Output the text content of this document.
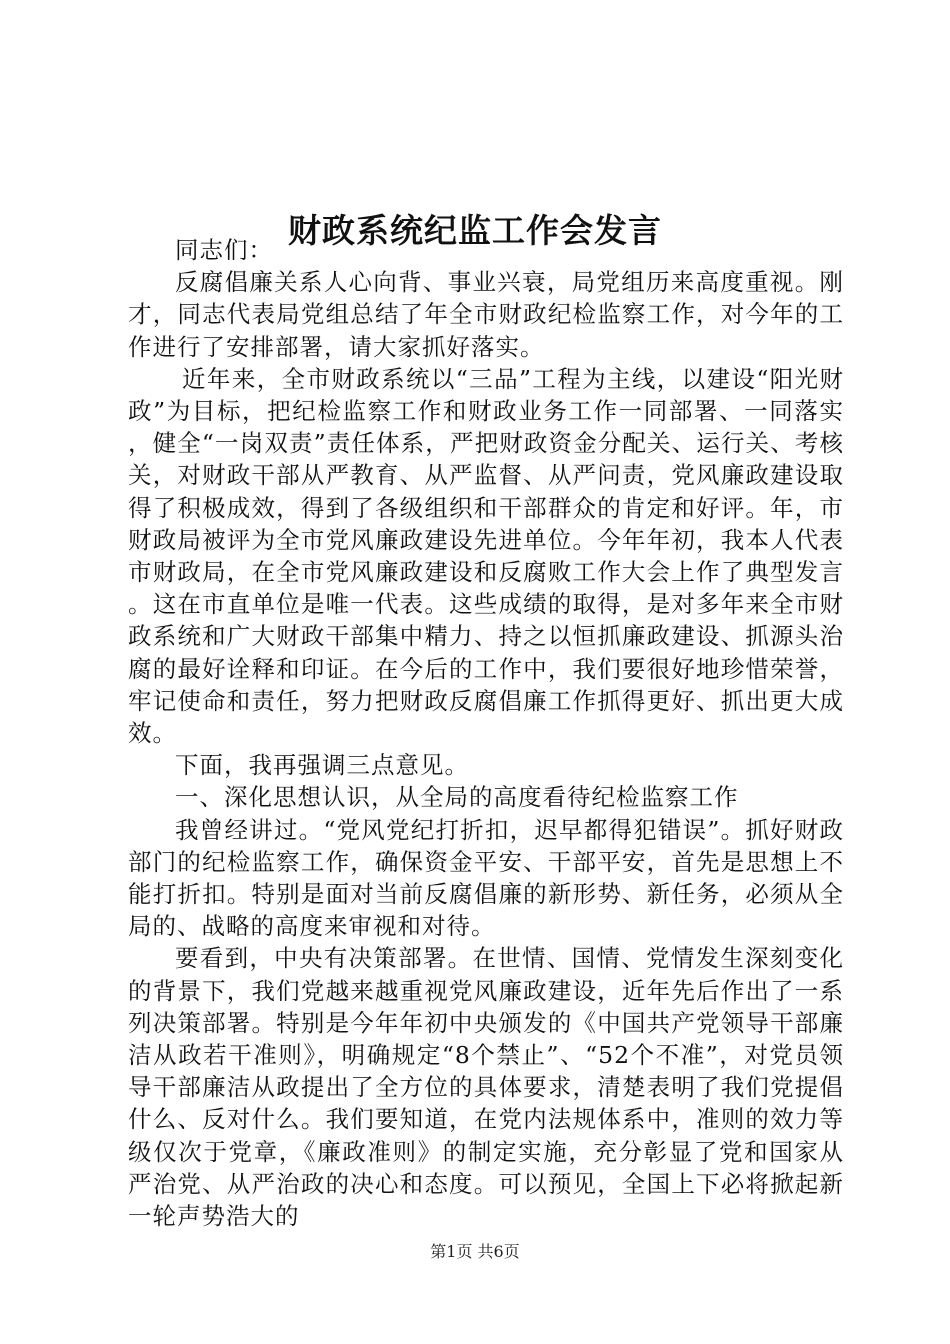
财政系统纪监工作会发言

同志们：

反腐倡廉关系人心向背、事业兴衰，局党组历来高度重视。刚才，同志代表局党组总结了年全市财政纪检监察工作，对今年的工作进行了安排部署，请大家抓好落实。

近年来，全市财政系统以“三品”工程为主线，以建设“阳光财政”为目标，把纪检监察工作和财政业务工作一同部署、一同落实，健全“一岗双责”责任体系，严把财政资金分配关、运行关、考核关，对财政干部从严教育、从严监督、从严问责，党风廉政建设取得了积极成效，得到了各级组织和干部群众的肯定和好评。年，市财政局被评为全市党风廉政建设先进单位。今年年初，我本人代表市财政局，在全市党风廉政建设和反腐败工作大会上作了典型发言。这在市直单位是唯一代表。这些成绩的取得，是对多年来全市财政系统和广大财政干部集中精力、持之以恒抓廉政建设、抓源头治腐的最好诠释和印证。在今后的工作中，我们要很好地珍惜荣誉，牢记使命和责任，努力把财政反腐倡廉工作抓得更好、抓出更大成效。

下面，我再强调三点意见。

一、深化思想认识，从全局的高度看待纪检监察工作

我曾经讲过。“党风党纪打折扣，迟早都得犯错误”。抓好财政部门的纪检监察工作，确保资金平安、干部平安，首先是思想上不能打折扣。特别是面对当前反腐倡廉的新形势、新任务，必须从全局的、战略的高度来审视和对待。

要看到，中央有决策部署。在世情、国情、党情发生深刻变化的背景下，我们党越来越重视党风廉政建设，近年先后作出了一系列决策部署。特别是今年年初中央颁发的《中国共产党领导干部廉洁从政若干准则》，明确规定“8个禁止”、“52个不准”，对党员领导干部廉洁从政提出了全方位的具体要求，清楚表明了我们党提倡什么、反对什么。我们要知道，在党内法规体系中，准则的效力等级仅次于党章，《廉政准则》的制定实施，充分彰显了党和国家从严治党、从严治政的决心和态度。可以预见，全国上下必将掀起新一轮声势浩大的

第1页 共6页
